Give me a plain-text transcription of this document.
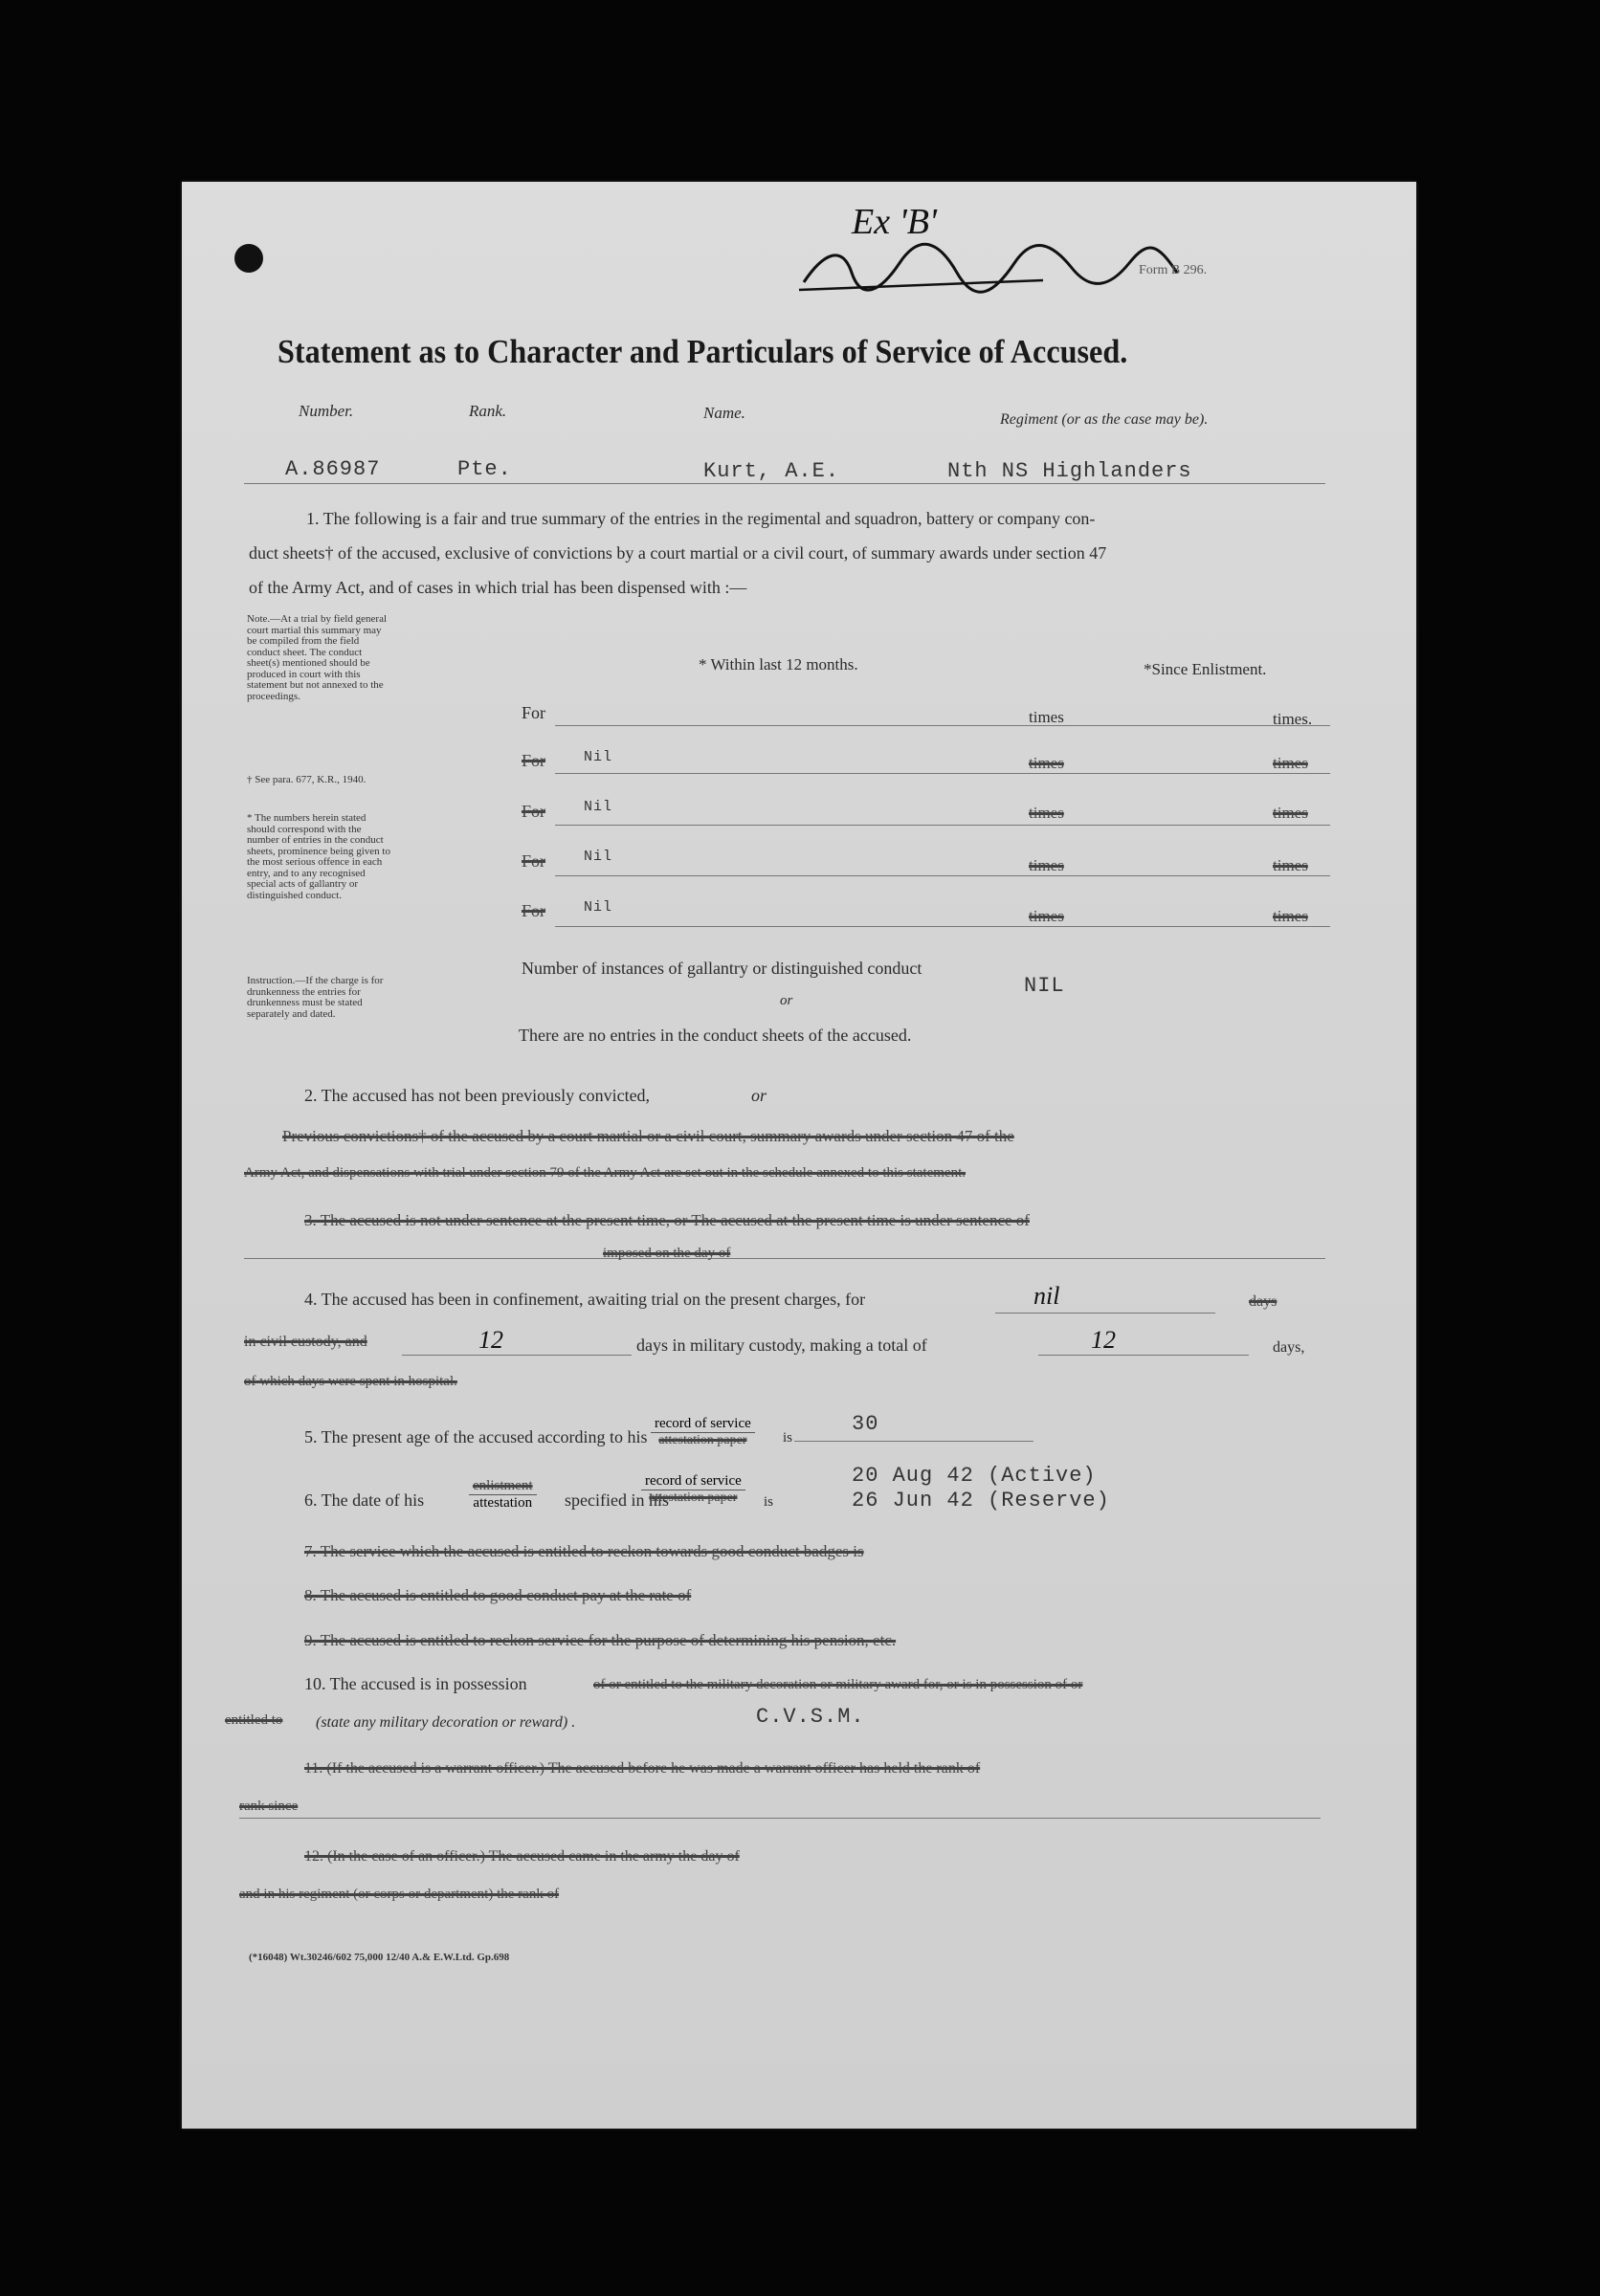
Ex 'B'
Form B 296.
Statement as to Character and Particulars of Service of Accused.
Number.	Rank.	Name.	Regiment (or as the case may be).
A.86987	Pte.	Kurt, A.E.	Nth NS Highlanders
1. The following is a fair and true summary of the entries in the regimental and squadron, battery or company con-
duct sheets† of the accused, exclusive of convictions by a court martial or a civil court, of summary awards under section 47
of the Army Act, and of cases in which trial has been dispensed with :—
Note.—At a trial by field general court martial this summary may be compiled from the field conduct sheet. The conduct sheet(s) mentioned should be produced in court with this statement but not annexed to the proceedings.
† See para. 677, K.R., 1940.
* The numbers herein stated should correspond with the number of entries in the conduct sheets, prominence being given to the most serious offence in each entry, and to any recognised special acts of gallantry or distinguished conduct.
Instruction.—If the charge is for drunkenness the entries for drunkenness must be stated separately and dated.
* Within last 12 months.	*Since Enlistment.
For	times	times.
For	Nil	times	times
For	Nil	times	times
For	Nil	times	times
For	Nil	times	times
Number of instances of gallantry or distinguished conduct
NIL
or
There are no entries in the conduct sheets of the accused.
2. The accused has not been previously convicted,	or
Previous convictions† of the accused by a court martial or a civil court, summary awards under section 47 of the
Army Act, and dispensations with trial under section 79 of the Army Act are set out in the schedule annexed to this statement.
3. The accused is not under sentence at the present time, or The accused at the present time is under sentence of
imposed on the day of
4. The accused has been in confinement, awaiting trial on the present charges, for	nil	days
in civil custody, and	12	days in military custody, making a total of	12	days,
of which days were spent in hospital.
5. The present age of the accused according to his
record of service
attestation paper	is
30
6. The date of his
enlistment
attestation specified in his
record of service
attestation paper	is
20 Aug 42 (Active)
26 Jun 42 (Reserve)
7. The service which the accused is entitled to reckon towards good conduct badges is
8. The accused is entitled to good conduct pay at the rate of
9. The accused is entitled to reckon service for the purpose of determining his pension, etc.
10. The accused is in possession	of or entitled to the military decoration or military award for, or is in possession of or
entitled to (state any military decoration or reward) .	C.V.S.M.
11. (If the accused is a warrant officer.) The accused before he was made a warrant officer has held the rank of
rank since
12. (In the case of an officer.) The accused came in the army the day of
and in his regiment (or corps or department) the rank of
(*16048) Wt.30246/602 75,000 12/40 A.& E.W.Ltd. Gp.698
